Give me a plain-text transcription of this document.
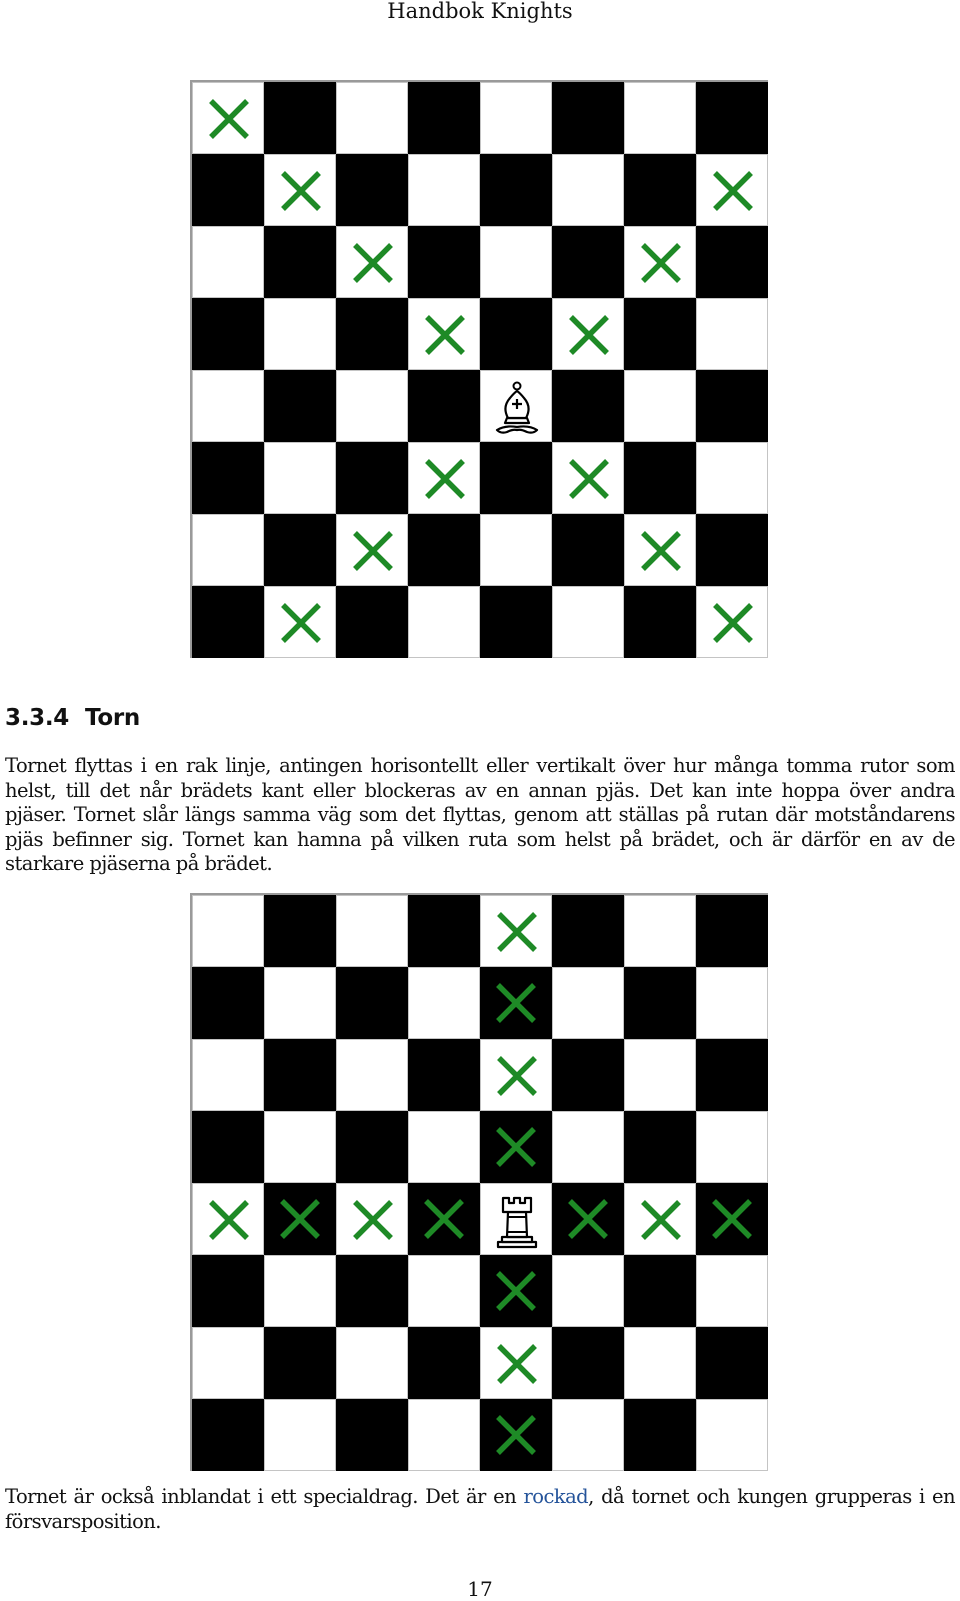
Handbok Knights
3.3.4 Torn

Tornet flyttas i en rak linje, antingen horisontellt eller vertikalt över hur många tomma rutor som helst, till det når brädets kant eller blockeras av en annan pjäs. Det kan inte hoppa över andra pjäser. Tornet slår längs samma väg som det flyttas, genom att ställas på rutan där motståndarens pjäs befinner sig. Tornet kan hamna på vilken ruta som helst på brädet, och är därför en av de starkare pjäserna på brädet.

Tornet är också inblandat i ett specialdrag. Det är en rockad, då tornet och kungen grupperas i en försvarsposition.

17
